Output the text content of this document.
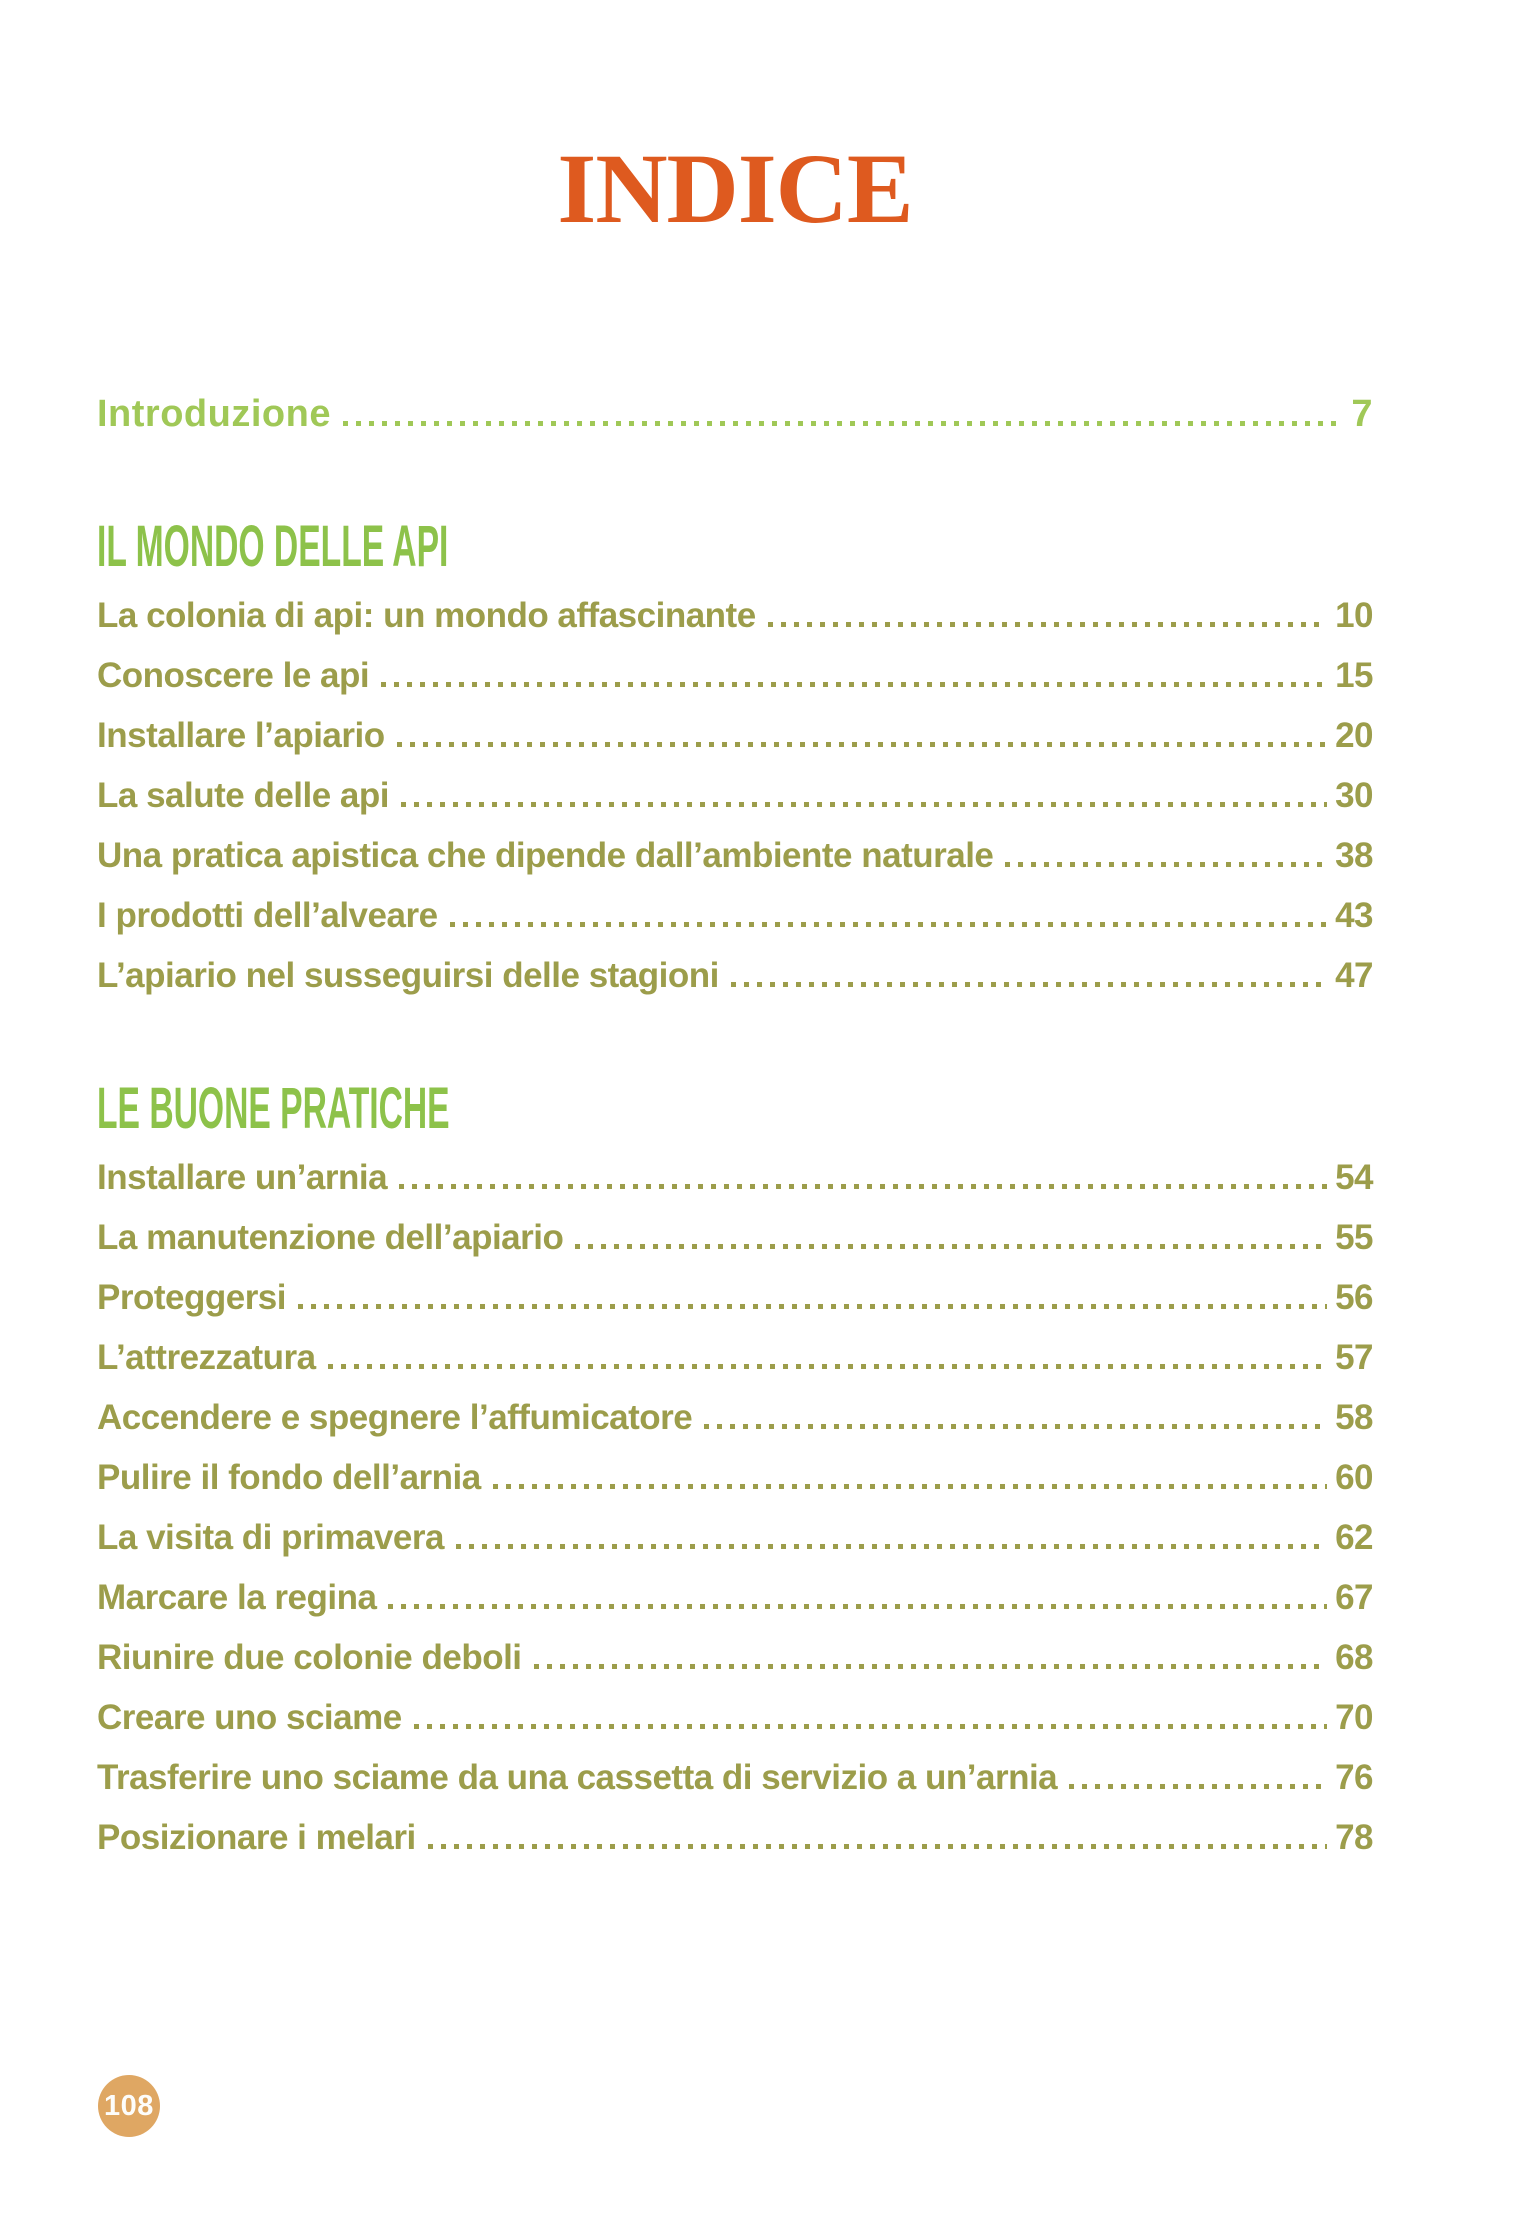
INDICE
Introduzione	7
IL MONDO DELLE API
La colonia di api: un mondo affascinante	10
Conoscere le api	15
Installare l’apiario	20
La salute delle api	30
Una pratica apistica che dipende dall’ambiente naturale	38
I prodotti dell’alveare	43
L’apiario nel susseguirsi delle stagioni	47
LE BUONE PRATICHE
Installare un’arnia	54
La manutenzione dell’apiario	55
Proteggersi	56
L’attrezzatura	57
Accendere e spegnere l’affumicatore	58
Pulire il fondo dell’arnia	60
La visita di primavera	62
Marcare la regina	67
Riunire due colonie deboli	68
Creare uno sciame	70
Trasferire uno sciame da una cassetta di servizio a un’arnia	76
Posizionare i melari	78
108
